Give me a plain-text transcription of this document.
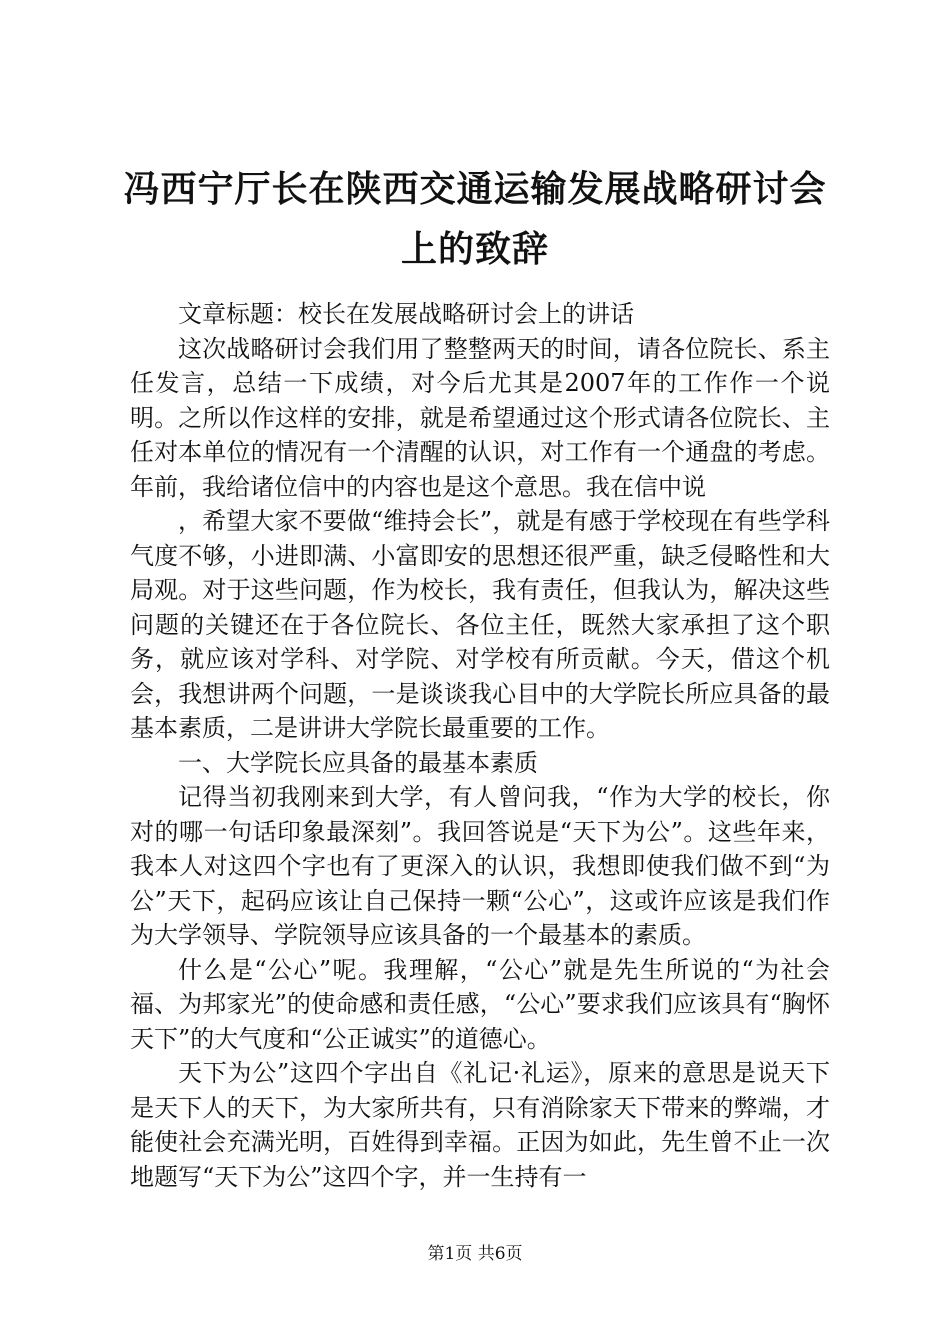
冯西宁厅长在陕西交通运输发展战略研讨会上的致辞

文章标题：校长在发展战略研讨会上的讲话

这次战略研讨会我们用了整整两天的时间，请各位院长、系主任发言，总结一下成绩，对今后尤其是2007年的工作作一个说明。之所以作这样的安排，就是希望通过这个形式请各位院长、主任对本单位的情况有一个清醒的认识，对工作有一个通盘的考虑。年前，我给诸位信中的内容也是这个意思。我在信中说

，希望大家不要做“维持会长”，就是有感于学校现在有些学科气度不够，小进即满、小富即安的思想还很严重，缺乏侵略性和大局观。对于这些问题，作为校长，我有责任，但我认为，解决这些问题的关键还在于各位院长、各位主任，既然大家承担了这个职务，就应该对学科、对学院、对学校有所贡献。今天，借这个机会，我想讲两个问题，一是谈谈我心目中的大学院长所应具备的最基本素质，二是讲讲大学院长最重要的工作。

一、大学院长应具备的最基本素质

记得当初我刚来到大学，有人曾问我，“作为大学的校长，你对的哪一句话印象最深刻”。我回答说是“天下为公”。这些年来，我本人对这四个字也有了更深入的认识，我想即使我们做不到“为公”天下，起码应该让自己保持一颗“公心”，这或许应该是我们作为大学领导、学院领导应该具备的一个最基本的素质。

什么是“公心”呢。我理解，“公心”就是先生所说的“为社会福、为邦家光”的使命感和责任感，“公心”要求我们应该具有“胸怀天下”的大气度和“公正诚实”的道德心。

天下为公”这四个字出自《礼记·礼运》，原来的意思是说天下是天下人的天下，为大家所共有，只有消除家天下带来的弊端，才能使社会充满光明，百姓得到幸福。正因为如此，先生曾不止一次地题写“天下为公”这四个字，并一生持有一

第1页 共6页
